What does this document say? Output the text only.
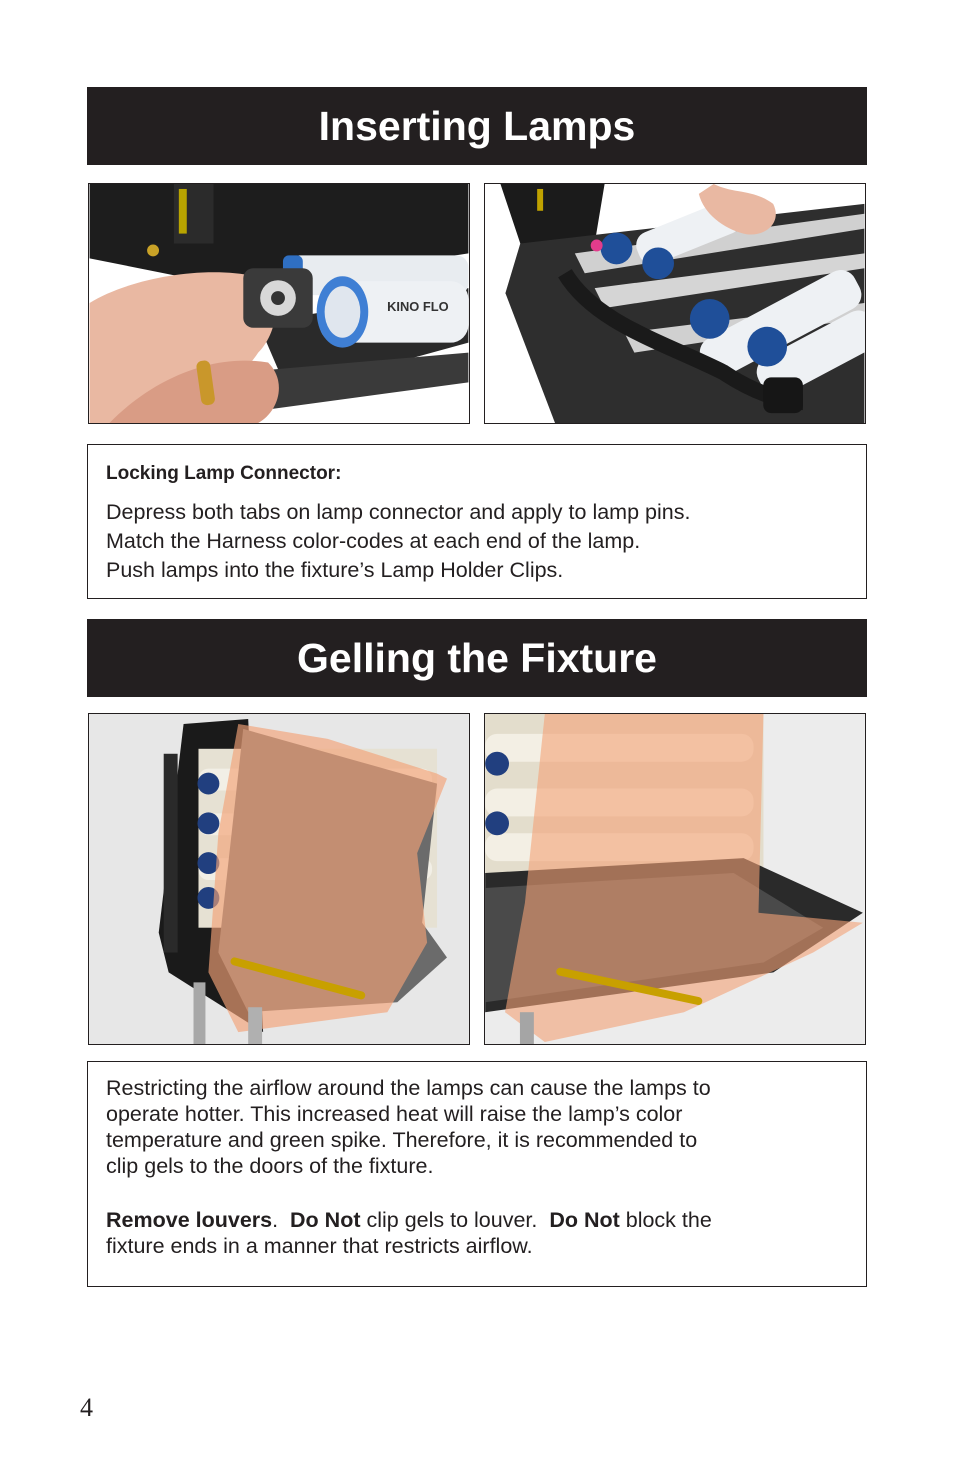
Inserting Lamps
KINO FLO
Locking Lamp Connector:
Depress both tabs on lamp connector and apply to lamp pins.
Match the Harness color-codes at each end of the lamp.
Push lamps into the fixture’s Lamp Holder Clips.
Gelling the Fixture
Restricting the airflow around the lamps can cause the lamps to
operate hotter. This increased heat will raise the lamp’s color
temperature and green spike. Therefore, it is recommended to
clip gels to the doors of the fixture.
Remove louvers.  Do Not clip gels to louver.  Do Not block the
fixture ends in a manner that restricts airflow.
4
